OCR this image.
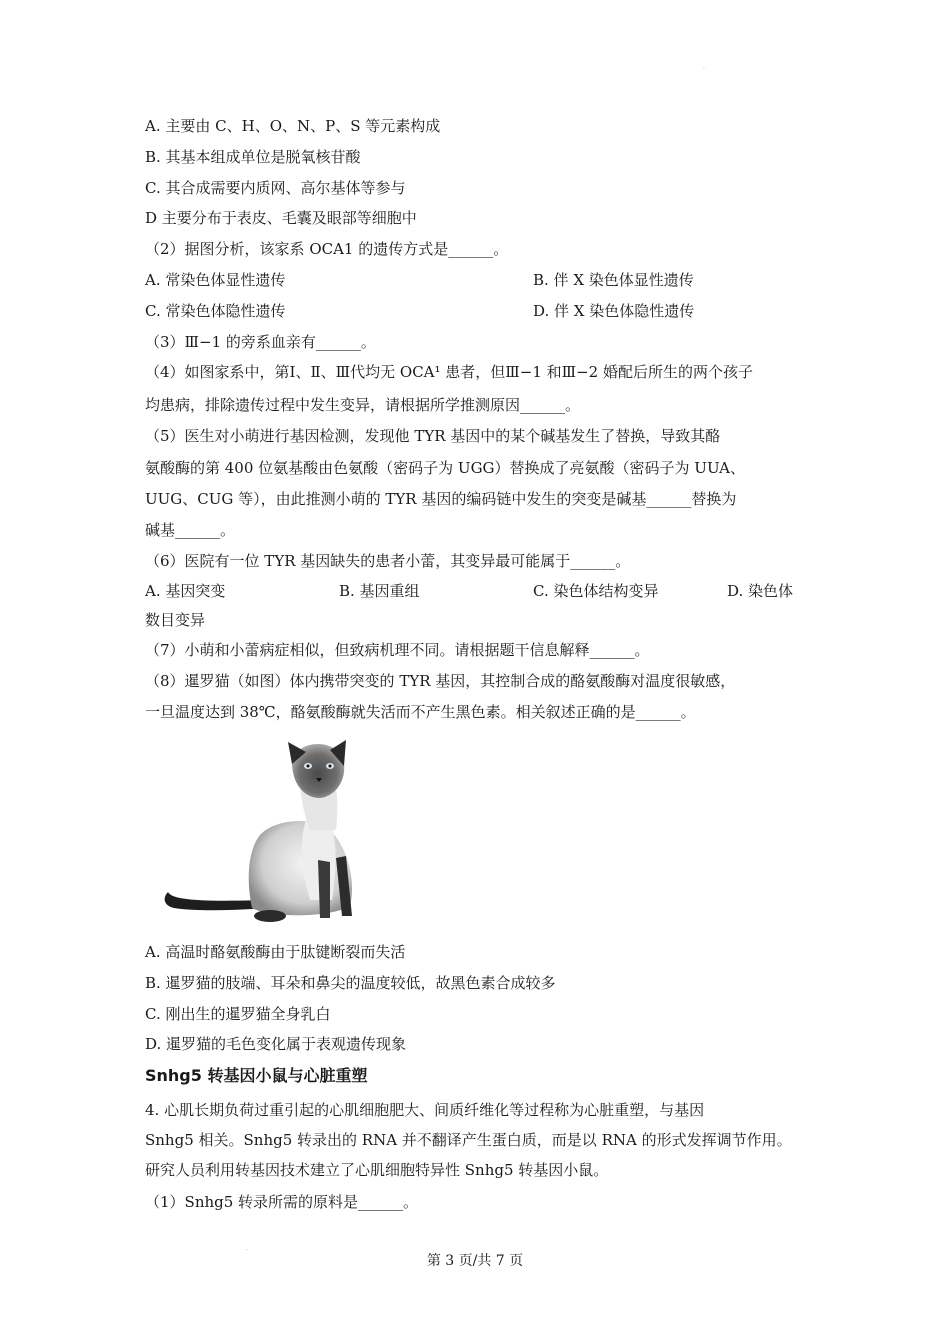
·
A. 主要由 C、H、O、N、P、S 等元素构成
B. 其基本组成单位是脱氧核苷酸
C. 其合成需要内质网、高尔基体等参与
D 主要分布于表皮、毛囊及眼部等细胞中
（2）据图分析，该家系 OCA1 的遗传方式是______。
A. 常染色体显性遗传	B. 伴 X 染色体显性遗传
C. 常染色体隐性遗传	D. 伴 X 染色体隐性遗传
（3）Ⅲ−1 的旁系血亲有______。
（4）如图家系中，第Ⅰ、Ⅱ、Ⅲ代均无 OCA¹ 患者，但Ⅲ−1 和Ⅲ−2 婚配后所生的两个孩子
均患病，排除遗传过程中发生变异，请根据所学推测原因______。
（5）医生对小萌进行基因检测，发现他 TYR 基因中的某个碱基发生了替换，导致其酪
氨酸酶的第 400 位氨基酸由色氨酸（密码子为 UGG）替换成了亮氨酸（密码子为 UUA、
UUG、CUG 等），由此推测小萌的 TYR 基因的编码链中发生的突变是碱基______替换为
碱基______。
（6）医院有一位 TYR 基因缺失的患者小蕾，其变异最可能属于______。
A. 基因突变	B. 基因重组	C. 染色体结构变异	D. 染色体
数目变异
（7）小萌和小蕾病症相似，但致病机理不同。请根据题干信息解释______。
（8）暹罗猫（如图）体内携带突变的 TYR 基因，其控制合成的酪氨酸酶对温度很敏感，
一旦温度达到 38℃，酪氨酸酶就失活而不产生黑色素。相关叙述正确的是______。
A. 高温时酪氨酸酶由于肽键断裂而失活
B. 暹罗猫的肢端、耳朵和鼻尖的温度较低，故黑色素合成较多
C. 刚出生的暹罗猫全身乳白
D. 暹罗猫的毛色变化属于表观遗传现象
Snhg5 转基因小鼠与心脏重塑
4. 心肌长期负荷过重引起的心肌细胞肥大、间质纤维化等过程称为心脏重塑，与基因
Snhg5 相关。Snhg5 转录出的 RNA 并不翻译产生蛋白质，而是以 RNA 的形式发挥调节作用。
研究人员利用转基因技术建立了心肌细胞特异性 Snhg5 转基因小鼠。
（1）Snhg5 转录所需的原料是______。
·
第 3 页/共 7 页
